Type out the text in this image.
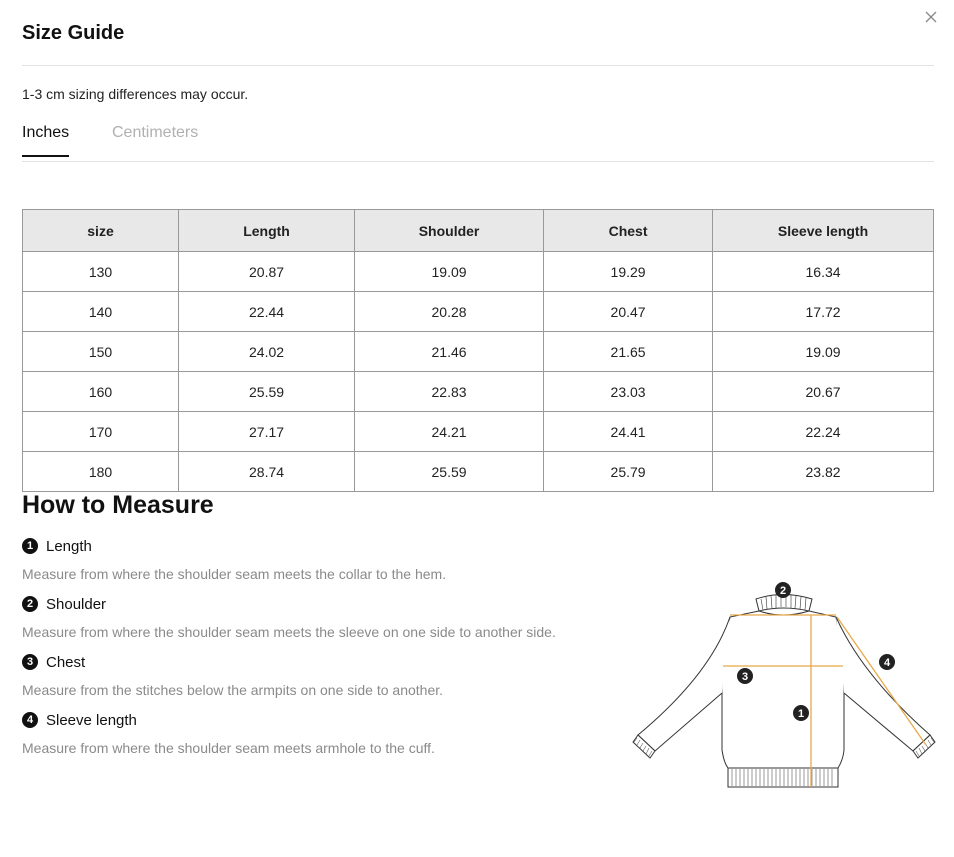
Size Guide
1-3 cm sizing differences may occur.
Inches	Centimeters
size	Length	Shoulder	Chest	Sleeve length
130	20.87	19.09	19.29	16.34
140	22.44	20.28	20.47	17.72
150	24.02	21.46	21.65	19.09
160	25.59	22.83	23.03	20.67
170	27.17	24.21	24.41	22.24
180	28.74	25.59	25.79	23.82
How to Measure
1 Length
Measure from where the shoulder seam meets the collar to the hem.
2 Shoulder
Measure from where the shoulder seam meets the sleeve on one side to another side.
3 Chest
Measure from the stitches below the armpits on one side to another.
4 Sleeve length
Measure from where the shoulder seam meets armhole to the cuff.
2
3
1
4
